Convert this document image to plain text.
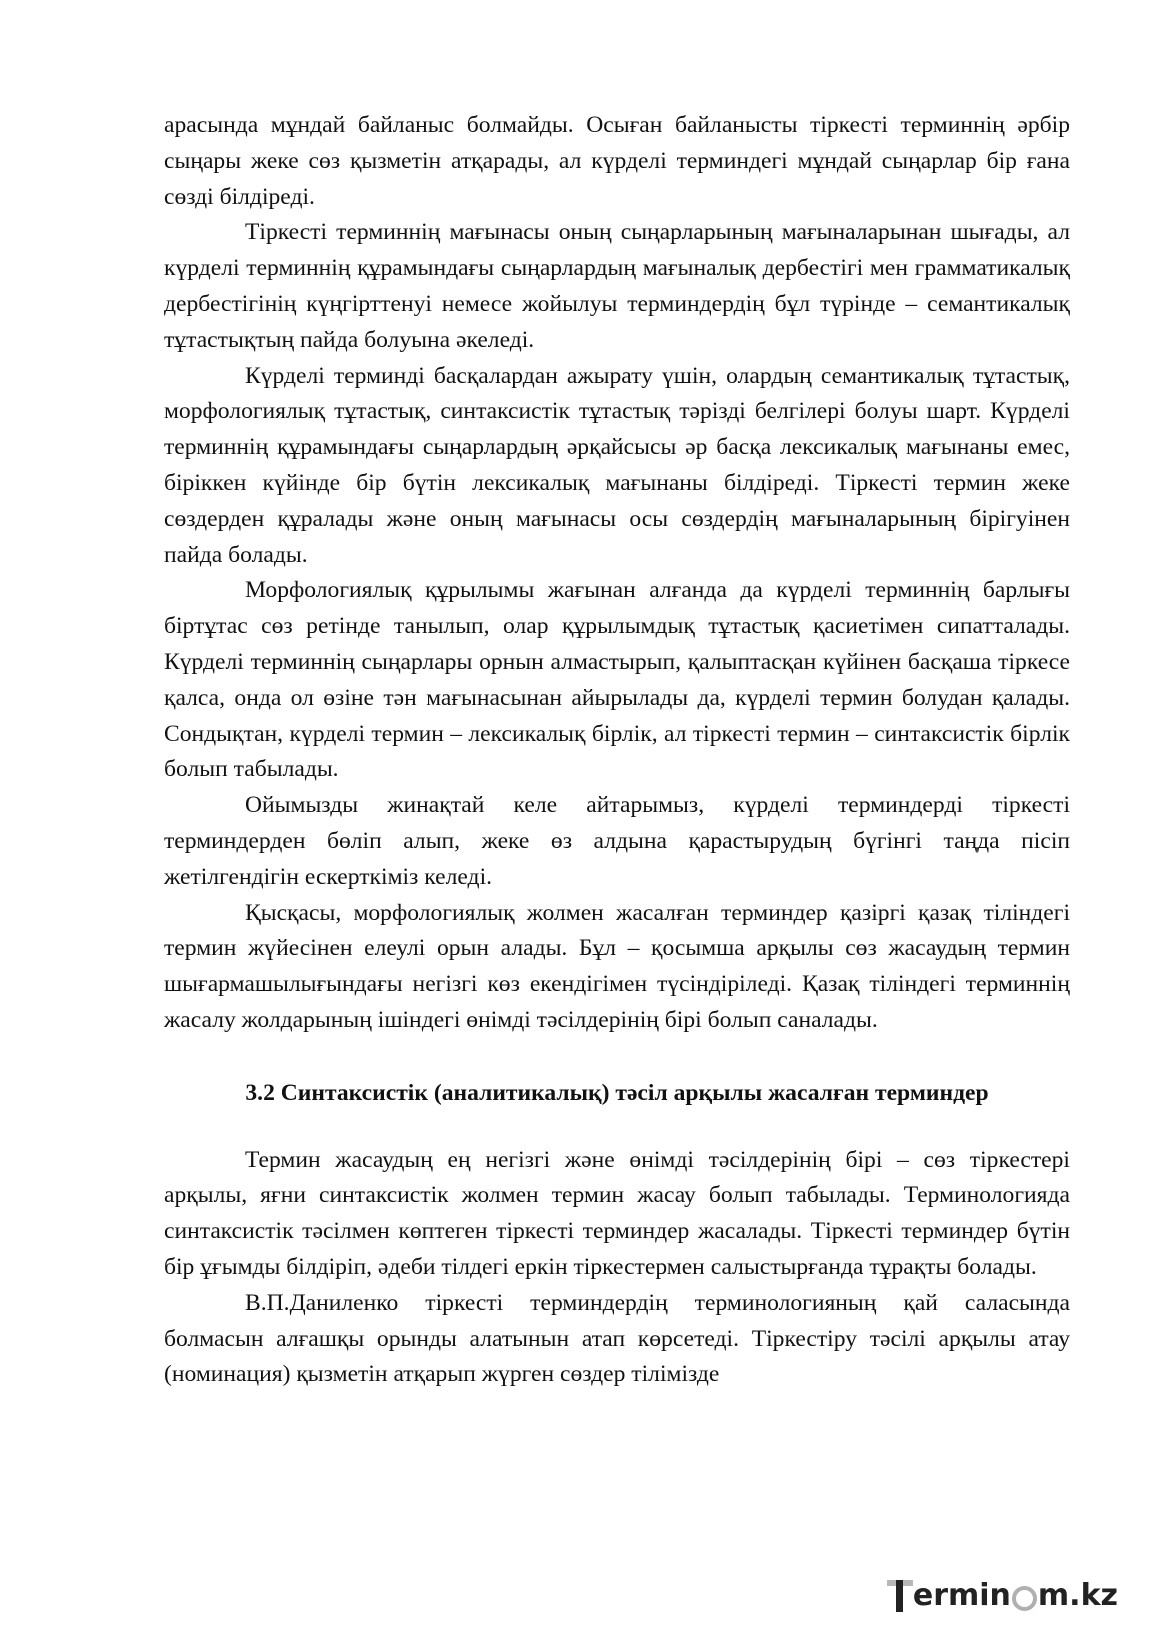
арасында мұндай байланыс болмайды. Осыған байланысты тіркесті терминнің әрбір сыңары жеке сөз қызметін атқарады, ал күрделі терминдегі мұндай сыңарлар бір ғана сөзді білдіреді.

Тіркесті терминнің мағынасы оның сыңарларының мағыналарынан шығады, ал күрделі терминнің құрамындағы сыңарлардың мағыналық дербестігі мен грамматикалық дербестігінің күңгірттенуі немесе жойылуы терминдердің бұл түрінде – семантикалық тұтастықтың пайда болуына әкеледі.

Күрделі терминді басқалардан ажырату үшін, олардың семантикалық тұтастық, морфологиялық тұтастық, синтаксистік тұтастық тәрізді белгілері болуы шарт. Күрделі терминнің құрамындағы сыңарлардың әрқайсысы әр басқа лексикалық мағынаны емес, біріккен күйінде бір бүтін лексикалық мағынаны білдіреді. Тіркесті термин жеке сөздерден құралады және оның мағынасы осы сөздердің мағыналарының бірігуінен пайда болады.

Морфологиялық құрылымы жағынан алғанда да күрделі терминнің барлығы біртұтас сөз ретінде танылып, олар құрылымдық тұтастық қасиетімен сипатталады. Күрделі терминнің сыңарлары орнын алмастырып, қалыптасқан күйінен басқаша тіркесе қалса, онда ол өзіне тән мағынасынан айырылады да, күрделі термин болудан қалады. Сондықтан, күрделі термин – лексикалық бірлік, ал тіркесті термин – синтаксистік бірлік болып табылады.

Ойымызды жинақтай келе айтарымыз, күрделі терминдерді тіркесті терминдерден бөліп алып, жеке өз алдына қарастырудың бүгінгі таңда пісіп жетілгендігін ескерткіміз келеді.

Қысқасы, морфологиялық жолмен жасалған терминдер қазіргі қазақ тіліндегі термин жүйесінен елеулі орын алады. Бұл – қосымша арқылы сөз жасаудың термин шығармашылығындағы негізгі көз екендігімен түсіндіріледі. Қазақ тіліндегі терминнің жасалу жолдарының ішіндегі өнімді тәсілдерінің бірі болып саналады.

3.2 Синтаксистік (аналитикалық) тәсіл арқылы жасалған терминдер

Термин жасаудың ең негізгі және өнімді тәсілдерінің бірі – сөз тіркестері арқылы, яғни синтаксистік жолмен термин жасау болып табылады. Терминологияда синтаксистік тәсілмен көптеген тіркесті терминдер жасалады. Тіркесті терминдер бүтін бір ұғымды білдіріп, әдеби тілдегі еркін тіркестермен салыстырғанда тұрақты болады.

В.П.Даниленко тіркесті терминдердің терминологияның қай саласында болмасын алғашқы орынды алатынын атап көрсетеді. Тіркестіру тәсілі арқылы атау (номинация) қызметін атқарып жүрген сөздер тілімізде

ermin m.kz
